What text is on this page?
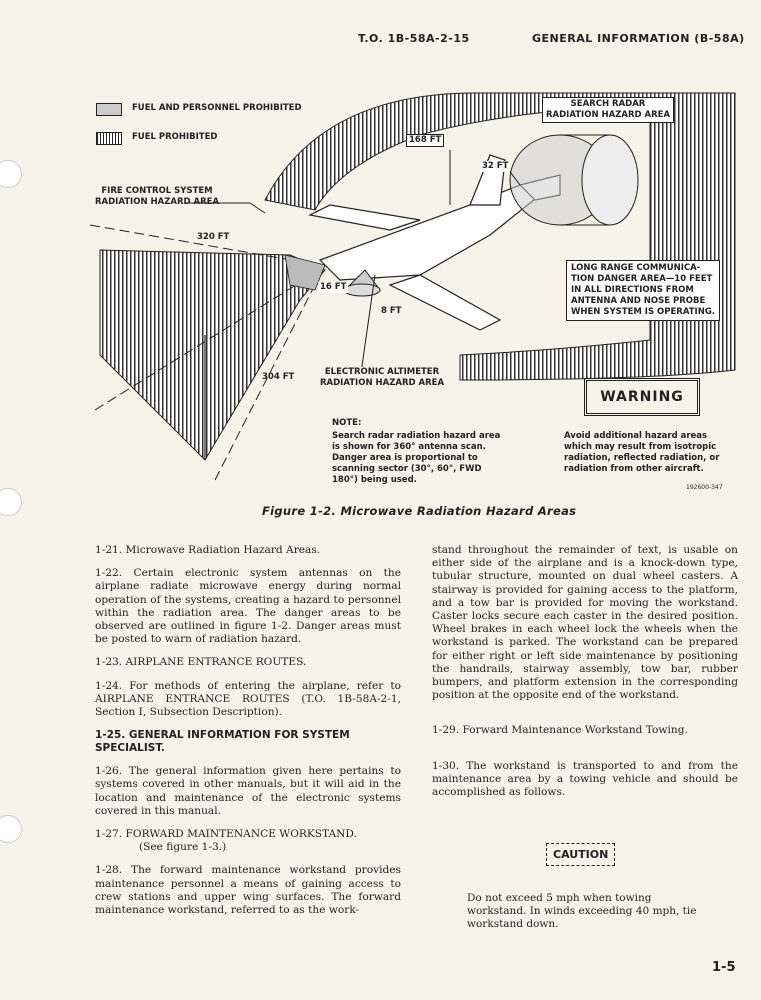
T.O. 1B-58A-2-15	GENERAL INFORMATION (B-58A)
FUEL AND PERSONNEL PROHIBITED
FUEL PROHIBITED
FIRE CONTROL SYSTEM
RADIATION HAZARD AREA
SEARCH RADAR
RADIATION HAZARD AREA
168 FT
32 FT
320 FT
16 FT
8 FT
304 FT
LONG RANGE COMMUNICA-
TION DANGER AREA—10 FEET
IN ALL DIRECTIONS FROM
ANTENNA AND NOSE PROBE
WHEN SYSTEM IS OPERATING.
ELECTRONIC ALTIMETER
RADIATION HAZARD AREA
NOTE:
Search radar radiation hazard area
is shown for 360° antenna scan.
Danger area is proportional to
scanning sector (30°, 60°, FWD
180°) being used.
WARNING
Avoid additional hazard areas
which may result from isotropic
radiation, reflected radiation, or
radiation from other aircraft.
192600-347
Figure 1-2. Microwave Radiation Hazard Areas

1-21. Microwave Radiation Hazard Areas.

1-22. Certain electronic system antennas on the airplane radiate microwave energy during normal operation of the systems, creating a hazard to personnel within the radiation area. The danger areas to be observed are outlined in figure 1-2. Danger areas must be posted to warn of radiation hazard.

1-23. AIRPLANE ENTRANCE ROUTES.

1-24. For methods of entering the airplane, refer to AIRPLANE ENTRANCE ROUTES (T.O. 1B-58A-2-1, Section I, Subsection Description).

1-25. GENERAL INFORMATION FOR SYSTEM SPECIALIST.

1-26. The general information given here pertains to systems covered in other manuals, but it will aid in the location and maintenance of the electronic systems covered in this manual.

1-27. FORWARD MAINTENANCE WORKSTAND.

(See figure 1-3.)

1-28. The forward maintenance workstand provides maintenance personnel a means of gaining access to crew stations and upper wing surfaces. The forward maintenance workstand, referred to as the work-

stand throughout the remainder of text, is usable on either side of the airplane and is a knock-down type, tubular structure, mounted on dual wheel casters. A stairway is provided for gaining access to the platform, and a tow bar is provided for moving the workstand. Caster locks secure each caster in the desired position. Wheel brakes in each wheel lock the wheels when the workstand is parked. The workstand can be prepared for either right or left side maintenance by positioning the handrails, stairway assembly, tow bar, rubber bumpers, and platform extension in the corresponding position at the opposite end of the workstand.

1-29. Forward Maintenance Workstand Towing.

1-30. The workstand is transported to and from the maintenance area by a towing vehicle and should be accomplished as follows.

CAUTION
Do not exceed 5 mph when towing workstand. In winds exceeding 40 mph, tie workstand down.
1-5
